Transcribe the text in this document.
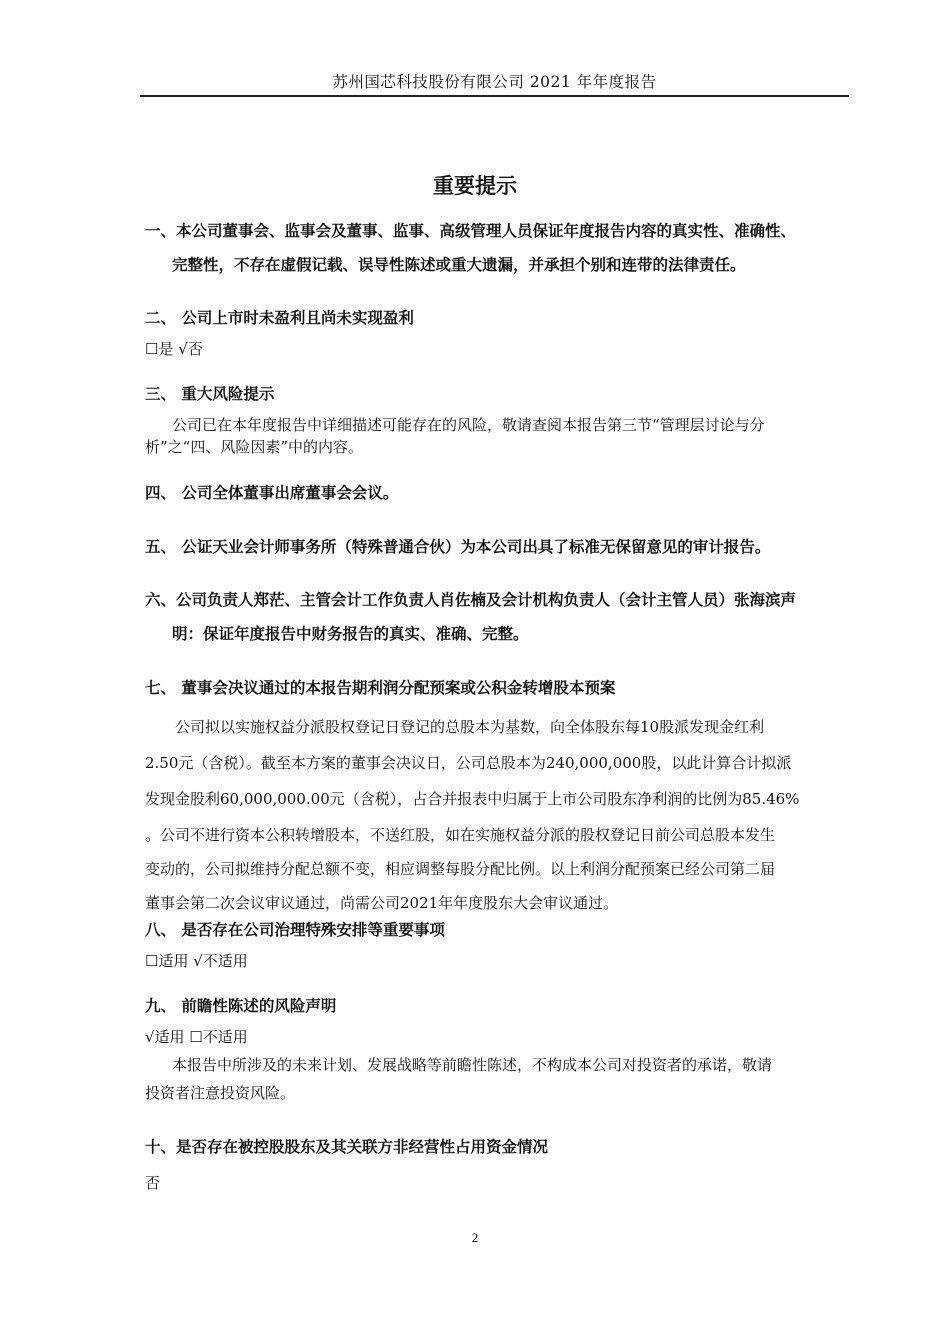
苏州国芯科技股份有限公司 2021 年年度报告
重要提示
一、本公司董事会、监事会及董事、监事、高级管理人员保证年度报告内容的真实性、准确性、
完整性，不存在虚假记载、误导性陈述或重大遗漏，并承担个别和连带的法律责任。
二、 公司上市时未盈利且尚未实现盈利
☐是 √否
三、 重大风险提示
公司已在本年度报告中详细描述可能存在的风险，敬请查阅本报告第三节“管理层讨论与分
析”之“四、风险因素”中的内容。
四、 公司全体董事出席董事会会议。
五、 公证天业会计师事务所（特殊普通合伙）为本公司出具了标准无保留意见的审计报告。
六、公司负责人郑茫、主管会计工作负责人肖佐楠及会计机构负责人（会计主管人员）张海滨声
明：保证年度报告中财务报告的真实、准确、完整。
七、 董事会决议通过的本报告期利润分配预案或公积金转增股本预案
公司拟以实施权益分派股权登记日登记的总股本为基数，向全体股东每10股派发现金红利
2.50元（含税）。截至本方案的董事会决议日，公司总股本为240,000,000股，以此计算合计拟派
发现金股利60,000,000.00元（含税），占合并报表中归属于上市公司股东净利润的比例为85.46%
。公司不进行资本公积转增股本，不送红股，如在实施权益分派的股权登记日前公司总股本发生
变动的，公司拟维持分配总额不变，相应调整每股分配比例。以上利润分配预案已经公司第二届
董事会第二次会议审议通过，尚需公司2021年年度股东大会审议通过。
八、 是否存在公司治理特殊安排等重要事项
☐适用 √不适用
九、 前瞻性陈述的风险声明
√适用 ☐不适用
本报告中所涉及的未来计划、发展战略等前瞻性陈述，不构成本公司对投资者的承诺，敬请
投资者注意投资风险。
十、是否存在被控股股东及其关联方非经营性占用资金情况
否
2
